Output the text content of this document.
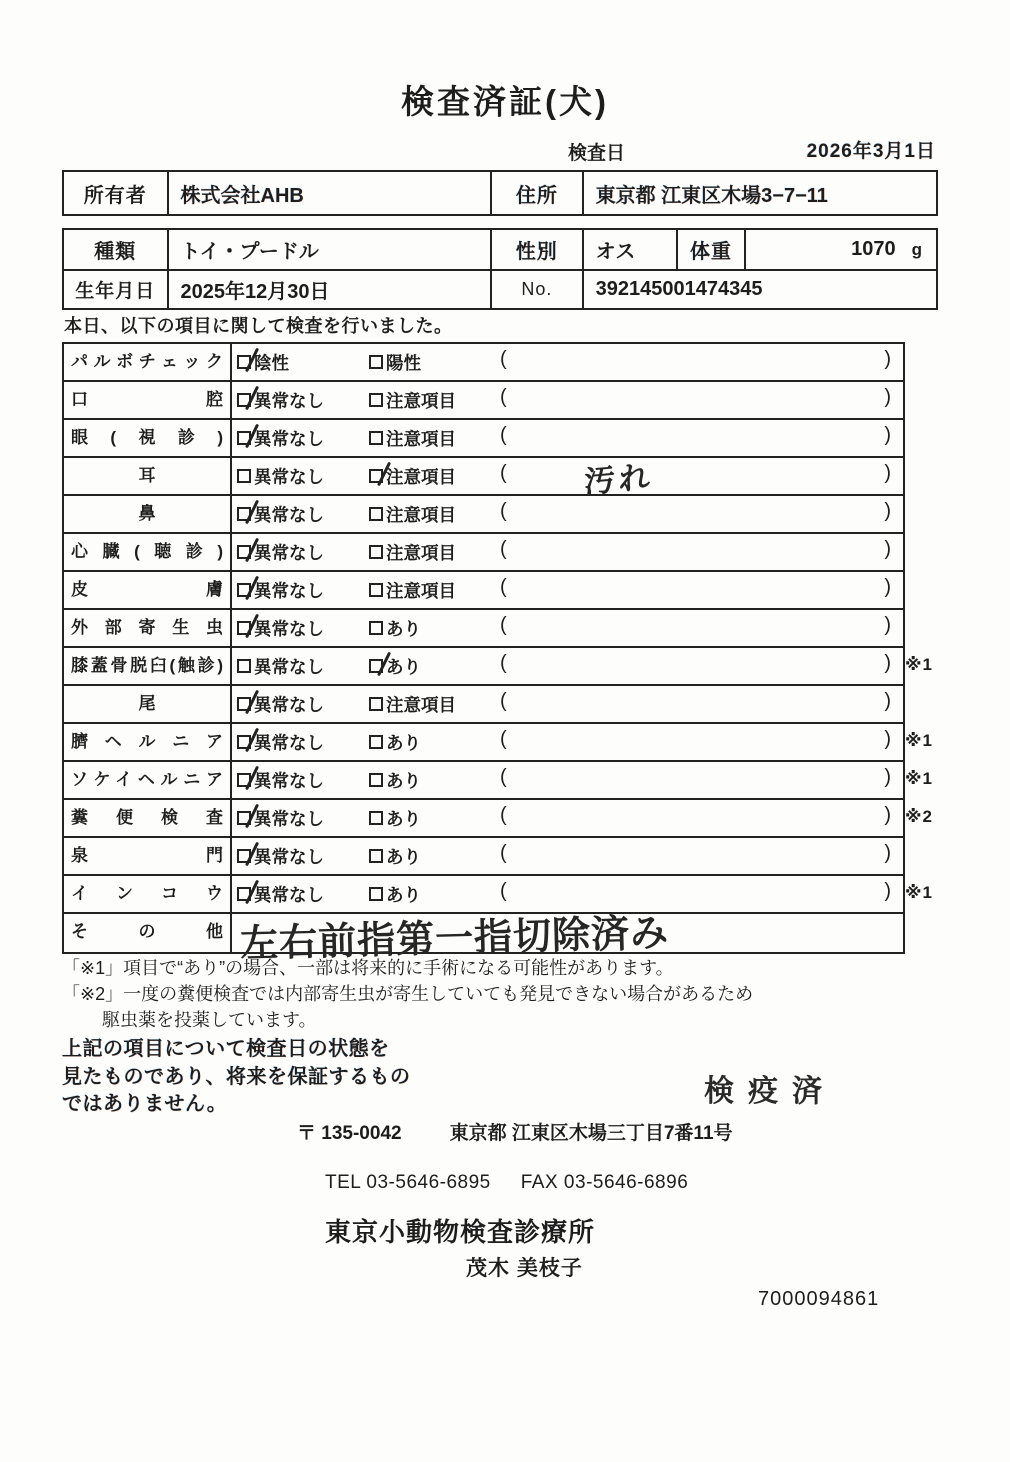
検査済証(犬)
検査日	2026年3月1日
所有者	株式会社AHB	住所	東京都 江東区木場3−7−11
種類	トイ・プードル	性別	オス	体重	1070 g
生年月日	2025年12月30日	No.	392145001474345
本日、以下の項目に関して検査を行いました。
パルボチェック	陰性	陽性	(	)
口腔	異常なし	注意項目 (	)
眼(視診)	異常なし	注意項目 (	)
耳	異常なし	注意項目 (	)
汚れ
鼻	異常なし	注意項目 (	)
心臓(聴診)	異常なし	注意項目 (	)
皮膚	異常なし	注意項目 (	)
外部寄生虫	異常なし	あり	(	)
膝蓋骨脱臼(触診)	異常なし	あり	(	) ※1
尾	異常なし	注意項目 (	)
臍ヘルニア	異常なし	あり	(	) ※1
ソケイヘルニア	異常なし	あり	(	) ※1
糞便検査	異常なし	あり	(	) ※2
泉門	異常なし	あり	(	)
インコウ	異常なし	あり	(	) ※1
その他 左右前指第一指切除済み
「※1」項目で“あり”の場合、一部は将来的に手術になる可能性があります。
「※2」一度の糞便検査では内部寄生虫が寄生していても発見できない場合があるため
駆虫薬を投薬しています。
上記の項目について検査日の状態を
見たものであり、将来を保証するもの
ではありません。	検疫済
〒 135-0042	東京都 江東区木場三丁目7番11号
TEL 03-5646-6895 FAX 03-5646-6896
東京小動物検査診療所
茂木 美枝子
7000094861
